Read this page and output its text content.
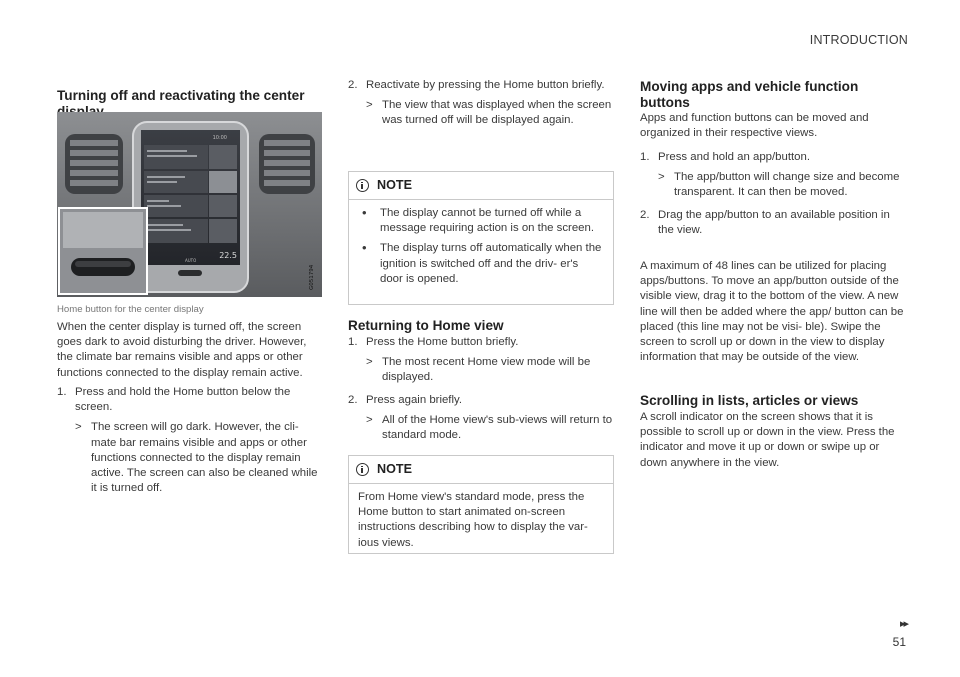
INTRODUCTION
Turning off and reactivating the center
10:00
22.5
AUTO
G051794
Home button for the center display

When the center display is turned off, the screen goes dark to avoid disturbing the driver. However, the climate bar remains visible and apps or other functions connected to the display remain active.

1. Press and hold the Home button below the screen.
> The screen will go dark. However, the cli- mate bar remains visible and apps or other functions connected to the display remain active. The screen can also be cleaned while it is turned off.
2. Reactivate by pressing the Home button briefly.
> The view that was displayed when the screen was turned off will be displayed again.
NOTE
• The display cannot be turned off while a message requiring action is on the screen.
• The display turns off automatically when the ignition is switched off and the driv- er's door is opened.
Returning to Home view
1. Press the Home button briefly.
> The most recent Home view mode will be displayed.
2. Press again briefly.
> All of the Home view's sub-views will return to standard mode.
NOTE
From Home view's standard mode, press the Home button to start animated on-screen instructions describing how to display the var- ious views.
Moving apps and vehicle function buttons

Apps and function buttons can be moved and organized in their respective views.

1. Press and hold an app/button.
> The app/button will change size and become transparent. It can then be moved.
2. Drag the app/button to an available position in the view.

A maximum of 48 lines can be utilized for placing apps/buttons. To move an app/button outside of the visible view, drag it to the bottom of the view. A new line will then be added where the app/ button can be placed (this line may not be visi- ble). Swipe the screen to scroll up or down in the view to display information that may be outside of the view.

Scrolling in lists, articles or views

A scroll indicator on the screen shows that it is possible to scroll up or down in the view. Press the indicator and move it up or down or swipe up or down anywhere in the view.

▸▸
51
